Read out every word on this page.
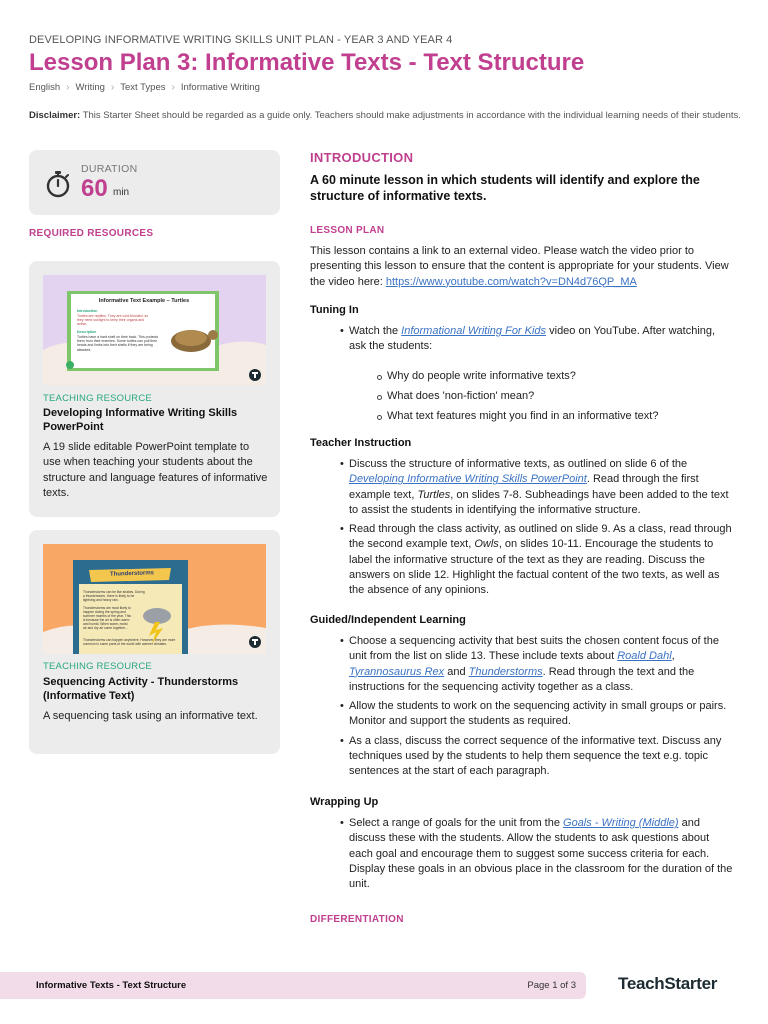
DEVELOPING INFORMATIVE WRITING SKILLS UNIT PLAN - YEAR 3 AND YEAR 4
Lesson Plan 3: Informative Texts - Text Structure
English › Writing › Text Types › Informative Writing
Disclaimer: This Starter Sheet should be regarded as a guide only. Teachers should make adjustments in accordance with the individual learning needs of their students.
DURATION
60 min
REQUIRED RESOURCES
Informative Text Example – Turtles
Introduction
Turtles are reptiles. They are cold-blooded, so they need sunlight to keep their organs and active.
Description
Turtles have a hard shell on their back. This protects them from their enemies. Some turtles can pull their heads and limbs into their shells if they are being attacked.
TEACHING RESOURCE
Developing Informative Writing Skills PowerPoint
A 19 slide editable PowerPoint template to use when teaching your students about the structure and language features of informative texts.
Thunderstorms
Thunderstorms can be like shakes. During a thunderstorm, there is likely to be lightning and heavy rain.
Thunderstorms are most likely to happen during the spring and summer months of the year. This is because the air is often warm and humid. When warm, moist air and dry air come together...
Thunderstorms can happen anywhere. However, they are more common in some parts of the world with warmer climates.
TEACHING RESOURCE
Sequencing Activity - Thunderstorms (Informative Text)
A sequencing task using an informative text.
INTRODUCTION
A 60 minute lesson in which students will identify and explore the structure of informative texts.
LESSON PLAN
This lesson contains a link to an external video. Please watch the video prior to presenting this lesson to ensure that the content is appropriate for your students. View the video here: https://www.youtube.com/watch?v=DN4d76QP_MA
Tuning In
• Watch the Informational Writing For Kids video on YouTube. After watching, ask the students:
Why do people write informative texts?
What does 'non-fiction' mean?
What text features might you find in an informative text?
Teacher Instruction
• Discuss the structure of informative texts, as outlined on slide 6 of the Developing Informative Writing Skills PowerPoint. Read through the first example text, Turtles, on slides 7-8. Subheadings have been added to the text to assist the students in identifying the informative structure.
• Read through the class activity, as outlined on slide 9. As a class, read through the second example text, Owls, on slides 10-11. Encourage the students to label the informative structure of the text as they are reading. Discuss the answers on slide 12. Highlight the factual content of the two texts, as well as the absence of any opinions.
Guided/Independent Learning
• Choose a sequencing activity that best suits the chosen content focus of the unit from the list on slide 13. These include texts about Roald Dahl, Tyrannosaurus Rex and Thunderstorms. Read through the text and the instructions for the sequencing activity together as a class.
• Allow the students to work on the sequencing activity in small groups or pairs. Monitor and support the students as required.
• As a class, discuss the correct sequence of the informative text. Discuss any techniques used by the students to help them sequence the text e.g. topic sentences at the start of each paragraph.
Wrapping Up
• Select a range of goals for the unit from the Goals - Writing (Middle) and discuss these with the students. Allow the students to ask questions about each goal and encourage them to suggest some success criteria for each. Display these goals in an obvious place in the classroom for the duration of the unit.
DIFFERENTIATION
Informative Texts - Text Structure	Page 1 of 3 TeachStarter
